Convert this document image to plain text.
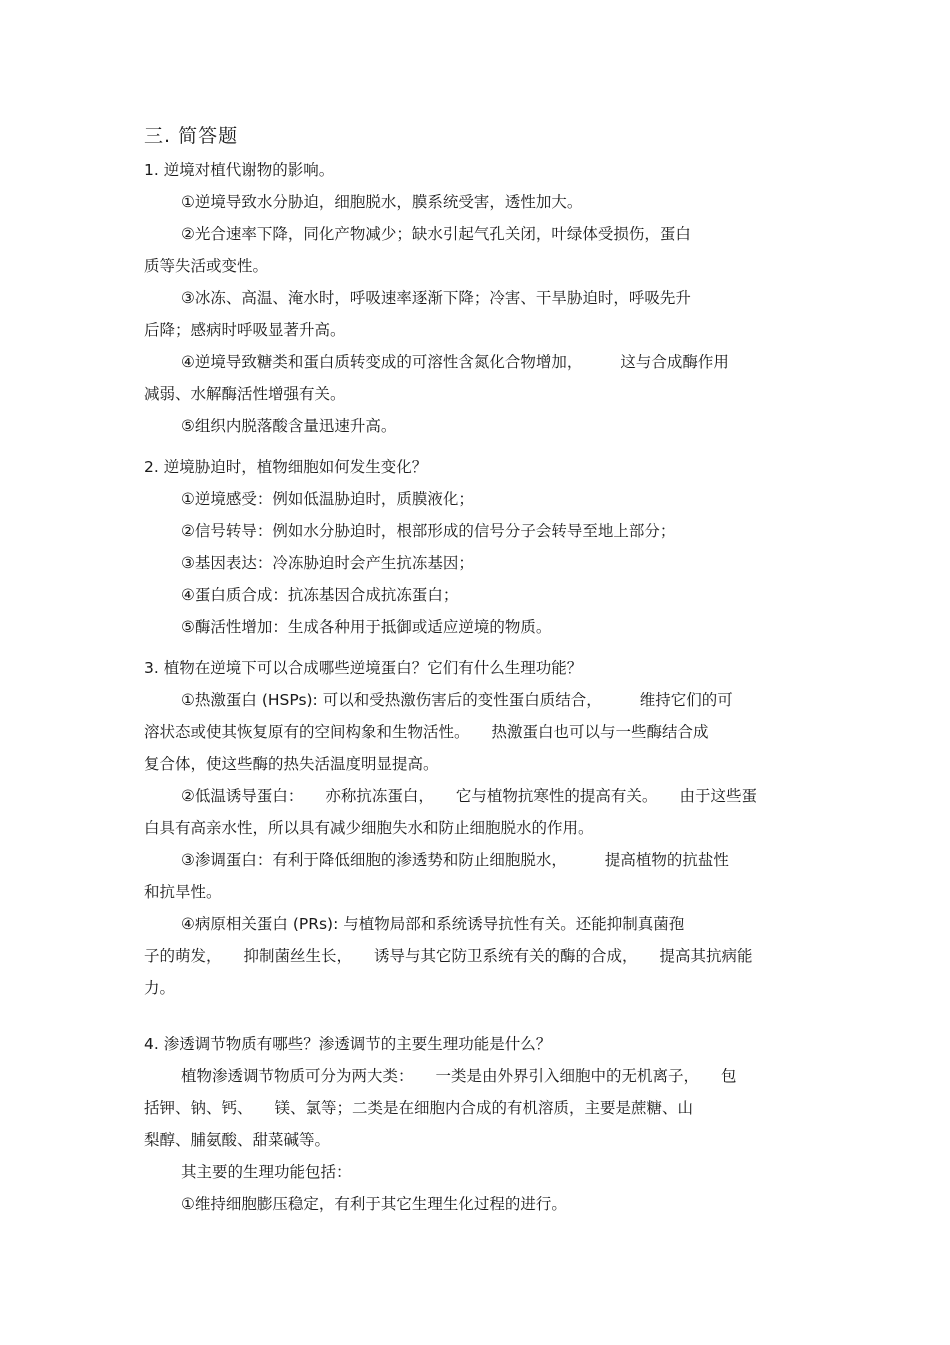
三. 简答题
1. 逆境对植代谢物的影响。
①逆境导致水分胁迫，细胞脱水，膜系统受害，透性加大。
②光合速率下降，同化产物减少；缺水引起气孔关闭，叶绿体受损伤，蛋白
质等失活或变性。
③冰冻、高温、淹水时，呼吸速率逐渐下降；冷害、干旱胁迫时，呼吸先升
后降；感病时呼吸显著升高。
④逆境导致糖类和蛋白质转变成的可溶性含氮化合物增加， 这与合成酶作用
减弱、水解酶活性增强有关。
⑤组织内脱落酸含量迅速升高。
2. 逆境胁迫时，植物细胞如何发生变化？
①逆境感受：例如低温胁迫时，质膜液化；
②信号转导：例如水分胁迫时，根部形成的信号分子会转导至地上部分；
③基因表达：冷冻胁迫时会产生抗冻基因；
④蛋白质合成：抗冻基因合成抗冻蛋白；
⑤酶活性增加：生成各种用于抵御或适应逆境的物质。
3. 植物在逆境下可以合成哪些逆境蛋白？它们有什么生理功能？
①热激蛋白 (HSPs): 可以和受热激伤害后的变性蛋白质结合， 维持它们的可
溶状态或使其恢复原有的空间构象和生物活性。 热激蛋白也可以与一些酶结合成
复合体，使这些酶的热失活温度明显提高。
②低温诱导蛋白： 亦称抗冻蛋白， 它与植物抗寒性的提高有关。 由于这些蛋
白具有高亲水性，所以具有减少细胞失水和防止细胞脱水的作用。
③渗调蛋白：有利于降低细胞的渗透势和防止细胞脱水， 提高植物的抗盐性
和抗旱性。
④病原相关蛋白 (PRs): 与植物局部和系统诱导抗性有关。还能抑制真菌孢
子的萌发， 抑制菌丝生长， 诱导与其它防卫系统有关的酶的合成， 提高其抗病能
力。
4. 渗透调节物质有哪些？渗透调节的主要生理功能是什么？
植物渗透调节物质可分为两大类： 一类是由外界引入细胞中的无机离子， 包
括钾、钠、钙、 镁、氯等；二类是在细胞内合成的有机溶质，主要是蔗糖、山
梨醇、脯氨酸、甜菜碱等。
其主要的生理功能包括：
①维持细胞膨压稳定，有利于其它生理生化过程的进行。
